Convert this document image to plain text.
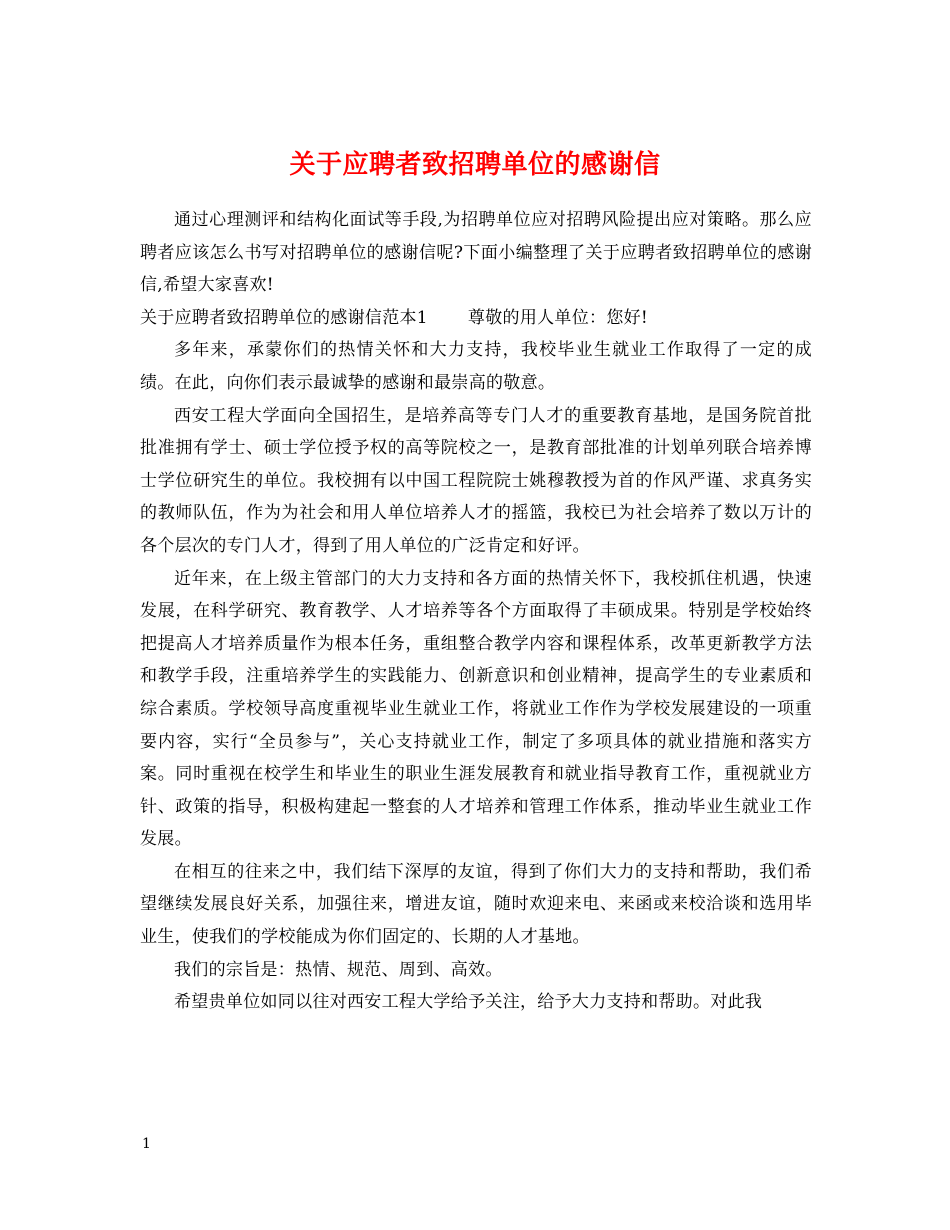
关于应聘者致招聘单位的感谢信

通过心理测评和结构化面试等手段,为招聘单位应对招聘风险提出应对策略。那么应聘者应该怎么书写对招聘单位的感谢信呢?下面小编整理了关于应聘者致招聘单位的感谢信,希望大家喜欢!

关于应聘者致招聘单位的感谢信范本1 尊敬的用人单位：您好!

多年来，承蒙你们的热情关怀和大力支持，我校毕业生就业工作取得了一定的成绩。在此，向你们表示最诚挚的感谢和最崇高的敬意。

西安工程大学面向全国招生，是培养高等专门人才的重要教育基地，是国务院首批批准拥有学士、硕士学位授予权的高等院校之一，是教育部批准的计划单列联合培养博士学位研究生的单位。我校拥有以中国工程院院士姚穆教授为首的作风严谨、求真务实的教师队伍，作为为社会和用人单位培养人才的摇篮，我校已为社会培养了数以万计的各个层次的专门人才，得到了用人单位的广泛肯定和好评。

近年来，在上级主管部门的大力支持和各方面的热情关怀下，我校抓住机遇，快速发展，在科学研究、教育教学、人才培养等各个方面取得了丰硕成果。特别是学校始终把提高人才培养质量作为根本任务，重组整合教学内容和课程体系，改革更新教学方法和教学手段，注重培养学生的实践能力、创新意识和创业精神，提高学生的专业素质和综合素质。学校领导高度重视毕业生就业工作，将就业工作作为学校发展建设的一项重要内容，实行“全员参与”，关心支持就业工作，制定了多项具体的就业措施和落实方案。同时重视在校学生和毕业生的职业生涯发展教育和就业指导教育工作，重视就业方针、政策的指导，积极构建起一整套的人才培养和管理工作体系，推动毕业生就业工作发展。

在相互的往来之中，我们结下深厚的友谊，得到了你们大力的支持和帮助，我们希望继续发展良好关系，加强往来，增进友谊，随时欢迎来电、来函或来校洽谈和选用毕业生，使我们的学校能成为你们固定的、长期的人才基地。

我们的宗旨是：热情、规范、周到、高效。

希望贵单位如同以往对西安工程大学给予关注，给予大力支持和帮助。对此我

1
